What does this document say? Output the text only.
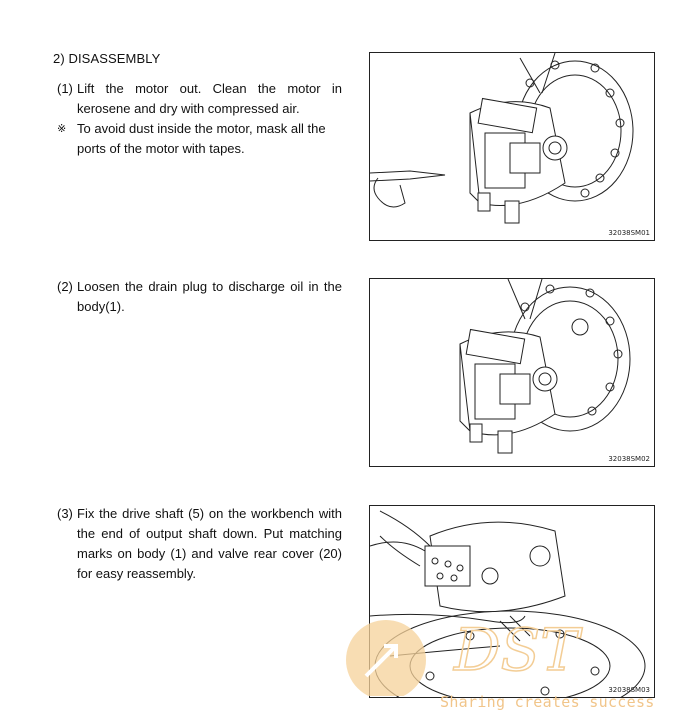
2) DISASSEMBLY
(1) Lift the motor out. Clean the motor in kerosene and dry with compressed air.
※ To avoid dust inside the motor, mask all the ports of the motor with tapes.
(2) Loosen the drain plug to discharge oil in the body(1).
(3) Fix the drive shaft (5) on the workbench with the end of output shaft down. Put matching marks on body (1) and valve rear cover (20) for easy reassembly.
32038SM01
32038SM02
32038SM03
DST
Sharing creates success
